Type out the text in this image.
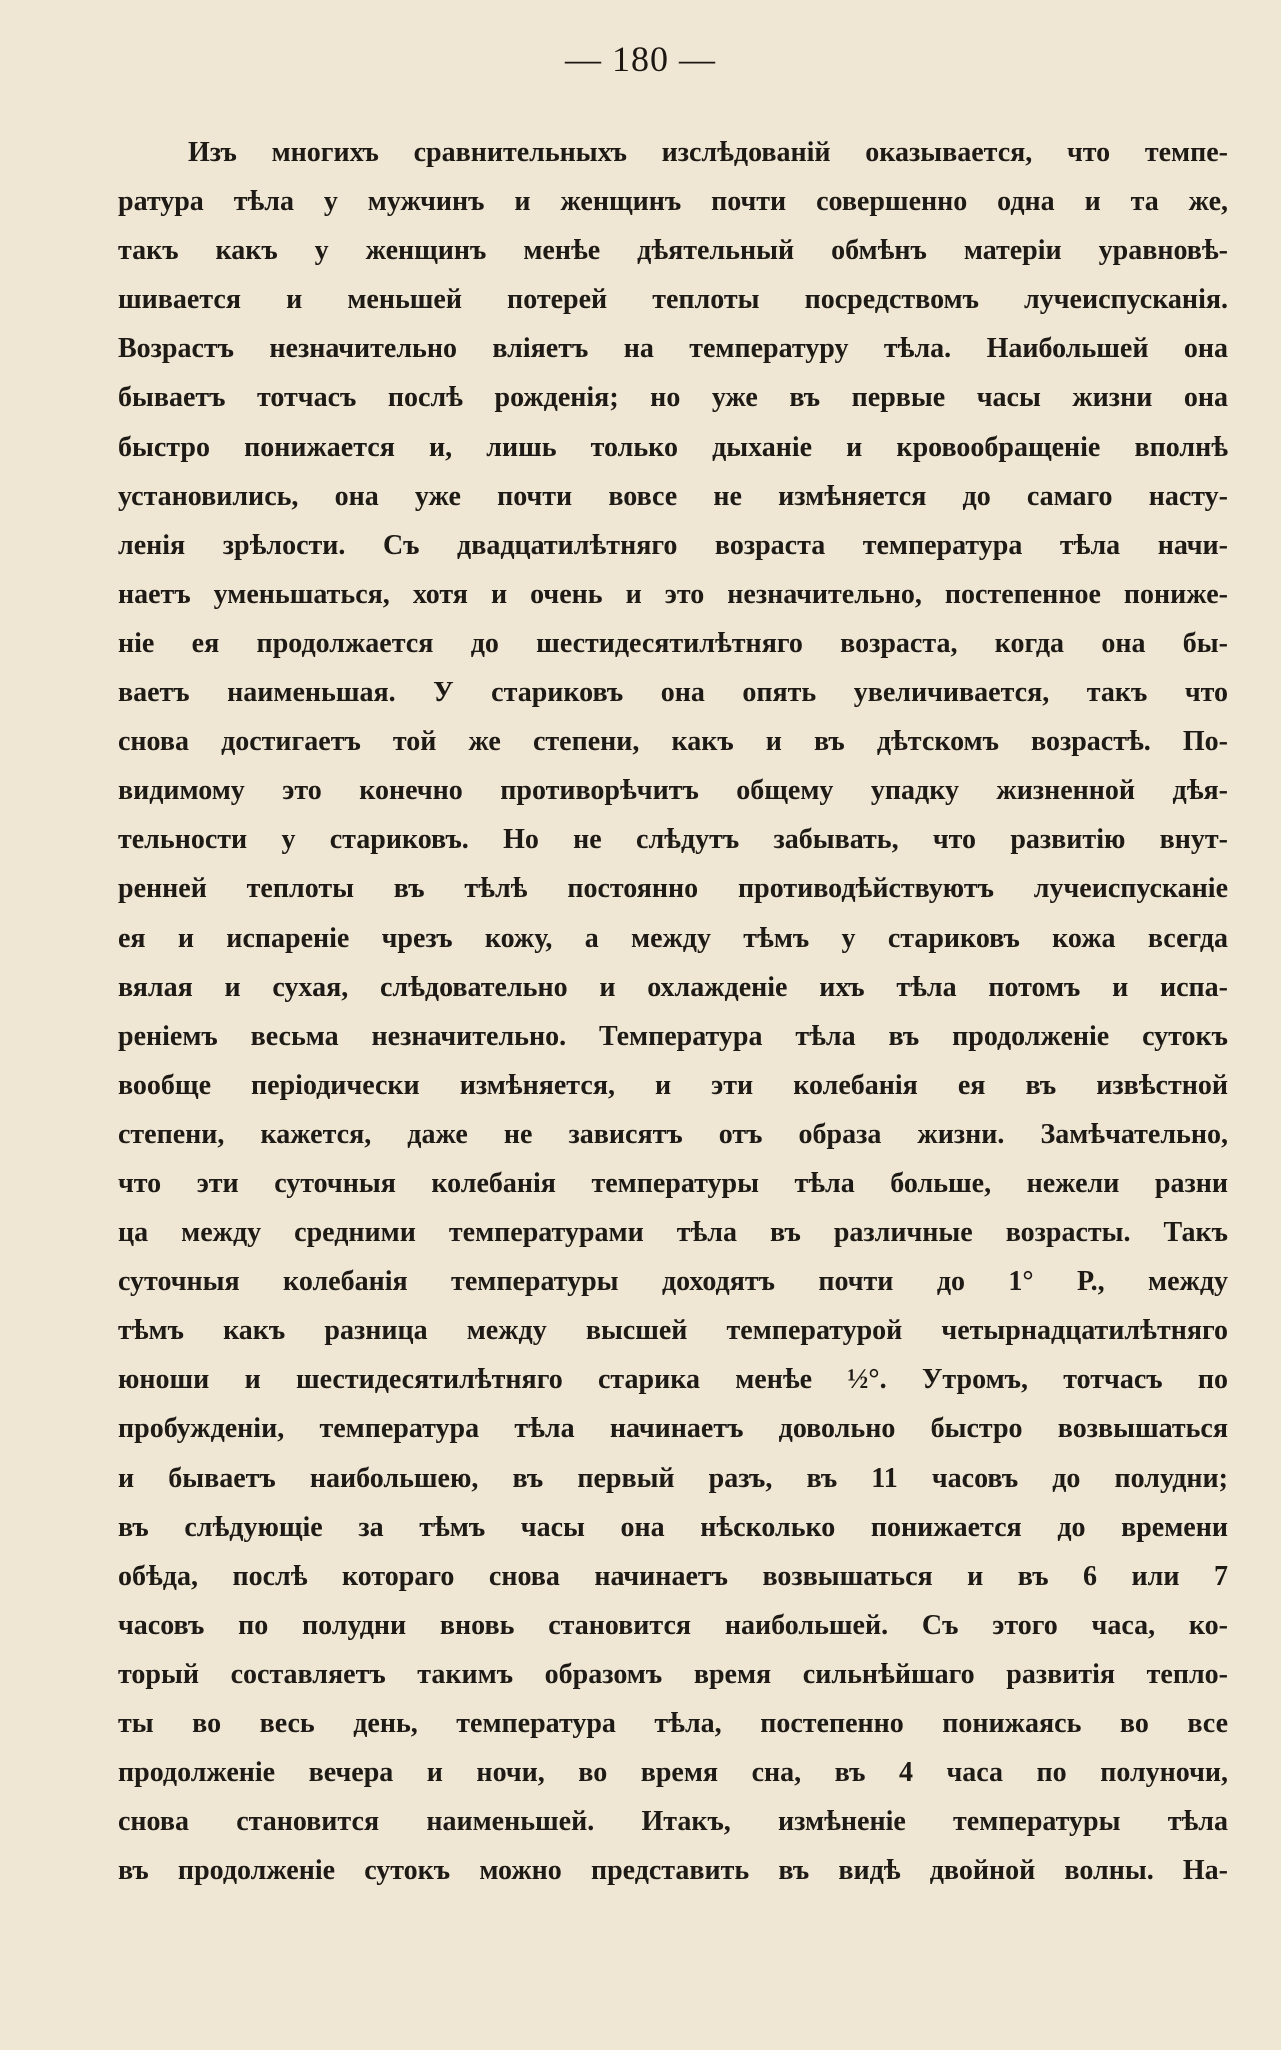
— 180 —
Изъ многихъ сравнительныхъ изслѣдованій оказывается, что темпе-
ратура тѣла у мужчинъ и женщинъ почти совершенно одна и та же,
такъ какъ у женщинъ менѣе дѣятельный обмѣнъ матеріи уравновѣ-
шивается и меньшей потерей теплоты посредствомъ лучеиспусканія.
Возрастъ незначительно вліяетъ на температуру тѣла. Наибольшей она
бываетъ тотчасъ послѣ рожденія; но уже въ первые часы жизни она
быстро понижается и, лишь только дыханіе и кровообращеніе вполнѣ
установились, она уже почти вовсе не измѣняется до самаго насту-
ленія зрѣлости. Съ двадцатилѣтняго возраста температура тѣла начи-
наетъ уменьшаться, хотя и очень и это незначительно, постепенное пониже-
ніе ея продолжается до шестидесятилѣтняго возраста, когда она бы-
ваетъ наименьшая. У стариковъ она опять увеличивается, такъ что
снова достигаетъ той же степени, какъ и въ дѣтскомъ возрастѣ. По-
видимому это конечно противорѣчитъ общему упадку жизненной дѣя-
тельности у стариковъ. Но не слѣдутъ забывать, что развитію внут-
ренней теплоты въ тѣлѣ постоянно противодѣйствуютъ лучеиспусканіе
ея и испареніе чрезъ кожу, а между тѣмъ у стариковъ кожа всегда
вялая и сухая, слѣдовательно и охлажденіе ихъ тѣла потомъ и испа-
реніемъ весьма незначительно. Температура тѣла въ продолженіе сутокъ
вообще періодически измѣняется, и эти колебанія ея въ извѣстной
степени, кажется, даже не зависятъ отъ образа жизни. Замѣчательно,
что эти суточныя колебанія температуры тѣла больше, нежели разни
ца между средними температурами тѣла въ различные возрасты. Такъ
суточныя колебанія температуры доходятъ почти до 1° Р., между
тѣмъ какъ разница между высшей температурой четырнадцатилѣтняго
юноши и шестидесятилѣтняго старика менѣе ½°. Утромъ, тотчасъ по
пробужденіи, температура тѣла начинаетъ довольно быстро возвышаться
и бываетъ наибольшею, въ первый разъ, въ 11 часовъ до полудни;
въ слѣдующіе за тѣмъ часы она нѣсколько понижается до времени
обѣда, послѣ котораго снова начинаетъ возвышаться и въ 6 или 7
часовъ по полудни вновь становится наибольшей. Съ этого часа, ко-
торый составляетъ такимъ образомъ время сильнѣйшаго развитія тепло-
ты во весь день, температура тѣла, постепенно понижаясь во все
продолженіе вечера и ночи, во время сна, въ 4 часа по полуночи,
снова становится наименьшей. Итакъ, измѣненіе температуры тѣла
въ продолженіе сутокъ можно представить въ видѣ двойной волны. На-
